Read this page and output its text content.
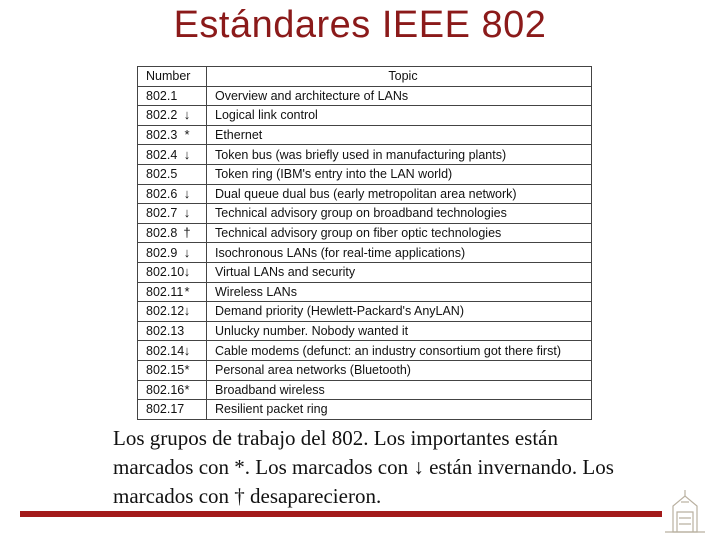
Estándares IEEE 802
Number	Topic
802.1	Overview and architecture of LANs
802.2 ↓	Logical link control
802.3 *	Ethernet
802.4 ↓	Token bus (was briefly used in manufacturing plants)
802.5	Token ring (IBM's entry into the LAN world)
802.6 ↓	Dual queue dual bus (early metropolitan area network)
802.7 ↓	Technical advisory group on broadband technologies
802.8 †	Technical advisory group on fiber optic technologies
802.9 ↓	Isochronous LANs (for real-time applications)
802.10↓	Virtual LANs and security
802.11*	Wireless LANs
802.12↓	Demand priority (Hewlett-Packard's AnyLAN)
802.13	Unlucky number. Nobody wanted it
802.14↓	Cable modems (defunct: an industry consortium got there first)
802.15*	Personal area networks (Bluetooth)
802.16*	Broadband wireless
802.17	Resilient packet ring
Los grupos de trabajo del 802. Los importantes están marcados con *. Los marcados con ↓ están invernando. Los marcados con † desaparecieron.
